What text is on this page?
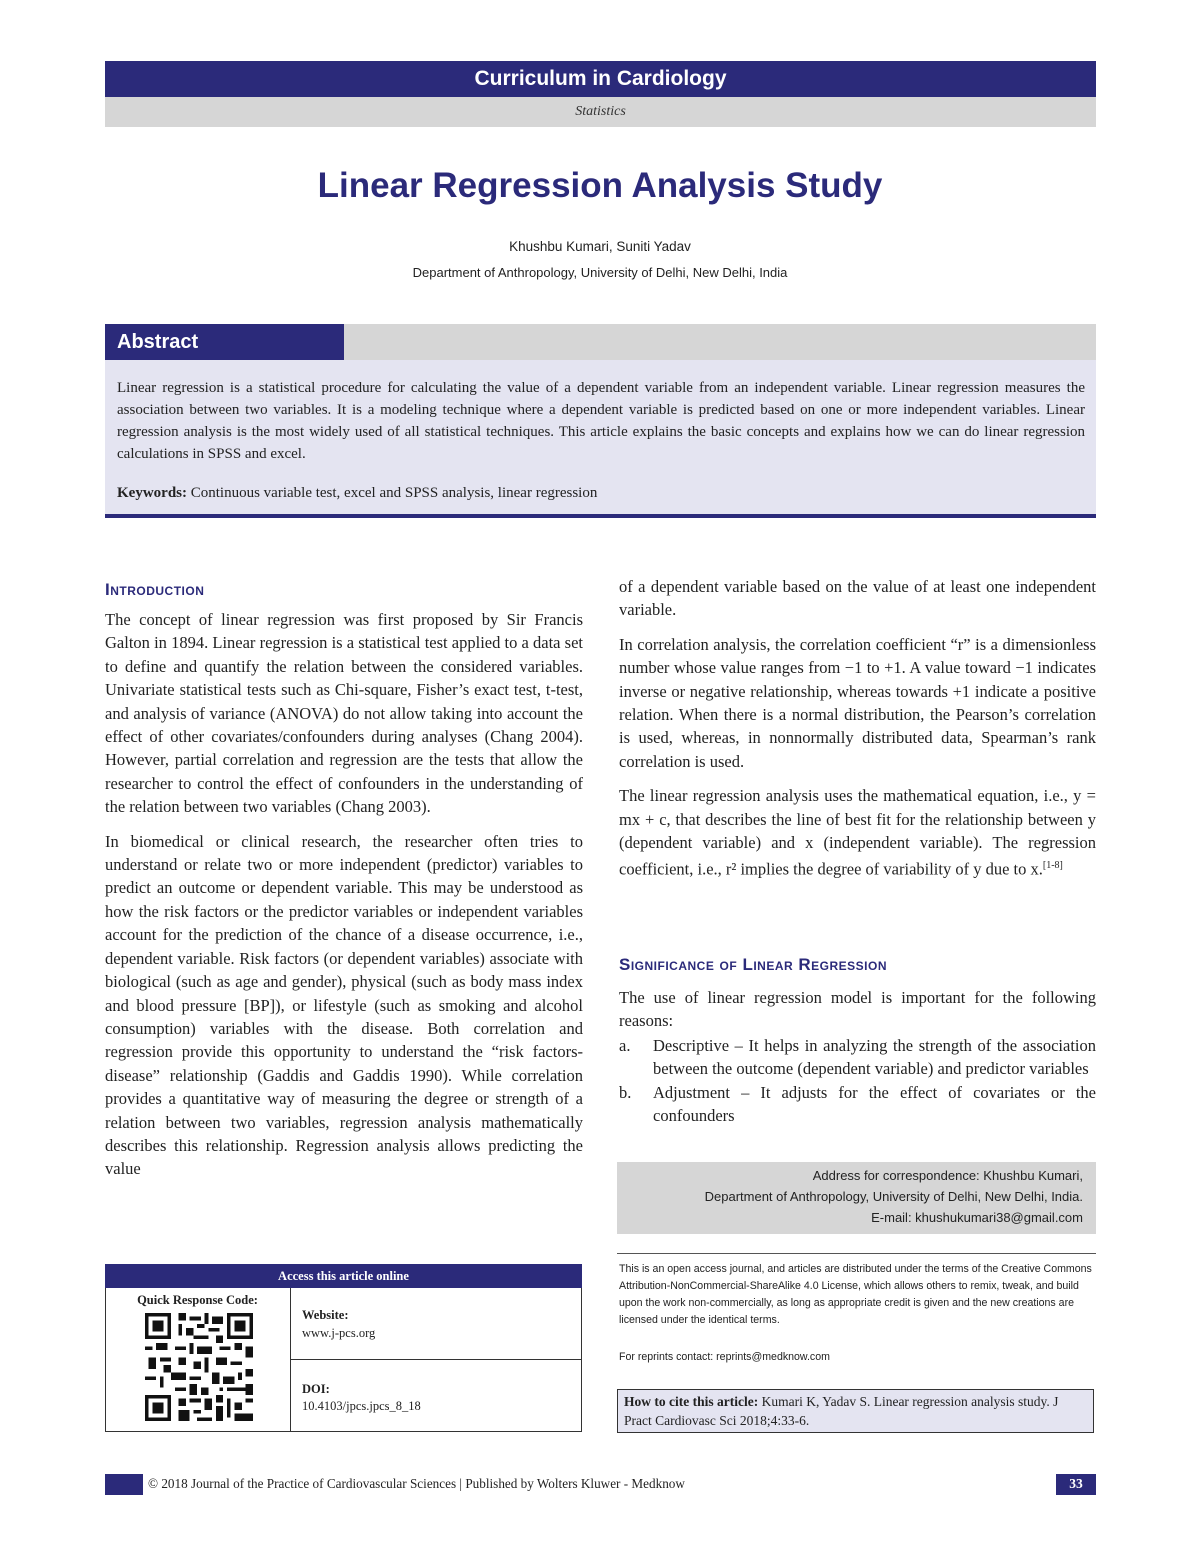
Curriculum in Cardiology
Statistics
Linear Regression Analysis Study
Khushbu Kumari, Suniti Yadav
Department of Anthropology, University of Delhi, New Delhi, India
Abstract
Linear regression is a statistical procedure for calculating the value of a dependent variable from an independent variable. Linear regression measures the association between two variables. It is a modeling technique where a dependent variable is predicted based on one or more independent variables. Linear regression analysis is the most widely used of all statistical techniques. This article explains the basic concepts and explains how we can do linear regression calculations in SPSS and excel.
Keywords: Continuous variable test, excel and SPSS analysis, linear regression
Introduction

The concept of linear regression was first proposed by Sir Francis Galton in 1894. Linear regression is a statistical test applied to a data set to define and quantify the relation between the considered variables. Univariate statistical tests such as Chi-square, Fisher’s exact test, t-test, and analysis of variance (ANOVA) do not allow taking into account the effect of other covariates/confounders during analyses (Chang 2004). However, partial correlation and regression are the tests that allow the researcher to control the effect of confounders in the understanding of the relation between two variables (Chang 2003).

In biomedical or clinical research, the researcher often tries to understand or relate two or more independent (predictor) variables to predict an outcome or dependent variable. This may be understood as how the risk factors or the predictor variables or independent variables account for the prediction of the chance of a disease occurrence, i.e., dependent variable. Risk factors (or dependent variables) associate with biological (such as age and gender), physical (such as body mass index and blood pressure [BP]), or lifestyle (such as smoking and alcohol consumption) variables with the disease. Both correlation and regression provide this opportunity to understand the “risk factors-disease” relationship (Gaddis and Gaddis 1990). While correlation provides a quantitative way of measuring the degree or strength of a relation between two variables, regression analysis mathematically describes this relationship. Regression analysis allows predicting the value

of a dependent variable based on the value of at least one independent variable.

In correlation analysis, the correlation coefficient “r” is a dimensionless number whose value ranges from −1 to +1. A value toward −1 indicates inverse or negative relationship, whereas towards +1 indicate a positive relation. When there is a normal distribution, the Pearson’s correlation is used, whereas, in nonnormally distributed data, Spearman’s rank correlation is used.

The linear regression analysis uses the mathematical equation, i.e., y = mx + c, that describes the line of best fit for the relationship between y (dependent variable) and x (independent variable). The regression coefficient, i.e., r² implies the degree of variability of y due to x.[1-8]

Significance of Linear Regression
The use of linear regression model is important for the following reasons:
a.	Descriptive – It helps in analyzing the strength of the association between the outcome (dependent variable) and predictor variables
b.	Adjustment – It adjusts for the effect of covariates or the confounders
Address for correspondence: Khushbu Kumari,
Department of Anthropology, University of Delhi, New Delhi, India.
E-mail: khushukumari38@gmail.com
This is an open access journal, and articles are distributed under the terms of the Creative Commons Attribution-NonCommercial-ShareAlike 4.0 License, which allows others to remix, tweak, and build upon the work non-commercially, as long as appropriate credit is given and the new creations are licensed under the identical terms.
For reprints contact: reprints@medknow.com
How to cite this article: Kumari K, Yadav S. Linear regression analysis study. J Pract Cardiovasc Sci 2018;4:33-6.
Access this article online
Quick Response Code:
Website:
www.j-pcs.org
DOI:
10.4103/jpcs.jpcs_8_18
© 2018 Journal of the Practice of Cardiovascular Sciences | Published by Wolters Kluwer - Medknow	33
